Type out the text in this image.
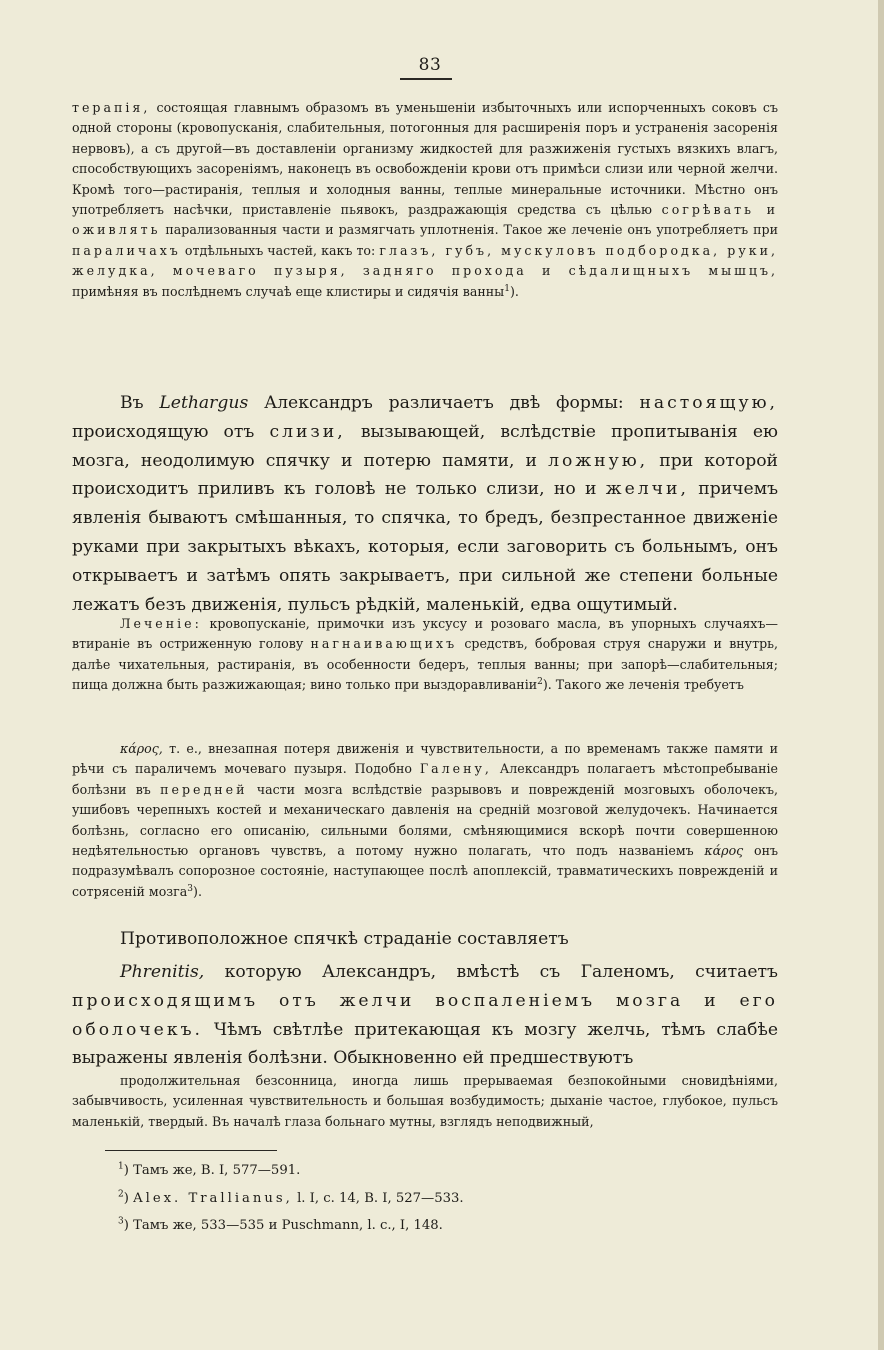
83
терапія, состоящая главнымъ образомъ въ уменьшеніи избыточныхъ или испорченныхъ соковъ съ одной стороны (кровопусканія, слабительныя, потогонныя для расширенія поръ и устраненія засоренія нервовъ), а съ другой—въ доставленіи организму жидкостей для разжиженія густыхъ вязкихъ влагъ, способствующихъ засореніямъ, наконецъ въ освобожденіи крови отъ примѣси слизи или черной желчи. Кромѣ того—растиранія, теплыя и холодныя ванны, теплые минеральные источники. Мѣстно онъ употребляетъ насѣчки, приставленіе пьявокъ, раздражающія средства съ цѣлью согрѣвать и оживлять парализованныя части и размягчать уплотненія. Такое же леченіе онъ употребляетъ при параличахъ отдѣльныхъ частей, какъ то: глазъ, губъ, мускуловъ подбородка, руки, желудка, мочеваго пузыря, задняго прохода и сѣдалищныхъ мышцъ, примѣняя въ послѣднемъ случаѣ еще клистиры и сидячія ванны$^1$).
Въ Lethargus Александръ различаетъ двѣ формы: настоящую, происходящую отъ слизи, вызывающей, вслѣдствіе пропитыванія ею мозга, неодолимую спячку и потерю памяти, и ложную, при которой происходитъ приливъ къ головѣ не только слизи, но и желчи, причемъ явленія бываютъ смѣшанныя, то спячка, то бредъ, безпрестанное движеніе руками при закрытыхъ вѣкахъ, которыя, если заговорить съ больнымъ, онъ открываетъ и затѣмъ опять закрываетъ, при сильной же степени больные лежатъ безъ движенія, пульсъ рѣдкій, маленькій, едва ощутимый.
Леченіе: кровопусканіе, примочки изъ уксусу и розоваго масла, въ упорныхъ случаяхъ—втираніе въ остриженную голову нагнаивающихъ средствъ, бобровая струя снаружи и внутрь, далѣе чихательныя, растиранія, въ особенности бедеръ, теплыя ванны; при запорѣ—слабительныя; пища должна быть разжижающая; вино только при выздоравливаніи$^2$). Такого же леченія требуетъ
κάρος, т. е., внезапная потеря движенія и чувствительности, а по временамъ также памяти и рѣчи съ параличемъ мочеваго пузыря. Подобно Галену, Александръ полагаетъ мѣстопребываніе болѣзни въ передней части мозга вслѣдствіе разрывовъ и поврежденій мозговыхъ оболочекъ, ушибовъ черепныхъ костей и механическаго давленія на средній мозговой желудочекъ. Начинается болѣзнь, согласно его описанію, сильными болями, смѣняющимися вскорѣ почти совершенною недѣятельностью органовъ чувствъ, а потому нужно полагать, что подъ названіемъ κάρος онъ подразумѣвалъ сопорозное состояніе, наступающее послѣ апоплексій, травматическихъ поврежденій и сотрясеній мозга$^3$).
Противоположное спячкѣ страданіе составляетъ
Phrenitis, которую Александръ, вмѣстѣ съ Галеномъ, считаетъ происходящимъ отъ желчи воспаленіемъ мозга и его оболочекъ. Чѣмъ свѣтлѣе притекающая къ мозгу желчь, тѣмъ слабѣе выражены явленія болѣзни. Обыкновенно ей предшествуютъ
продолжительная безсонница, иногда лишь прерываемая безпокойными сновидѣніями, забывчивость, усиленная чувствительность и большая возбудимость; дыханіе частое, глубокое, пульсъ маленькій, твердый. Въ началѣ глаза больнаго мутны, взглядъ неподвижный,
$^1$) Тамъ же, B. I, 577—591.
$^2$) Alex. Trallianus, l. I, c. 14, B. I, 527—533.
$^3$) Тамъ же, 533—535 и Puschmann, l. c., I, 148.
